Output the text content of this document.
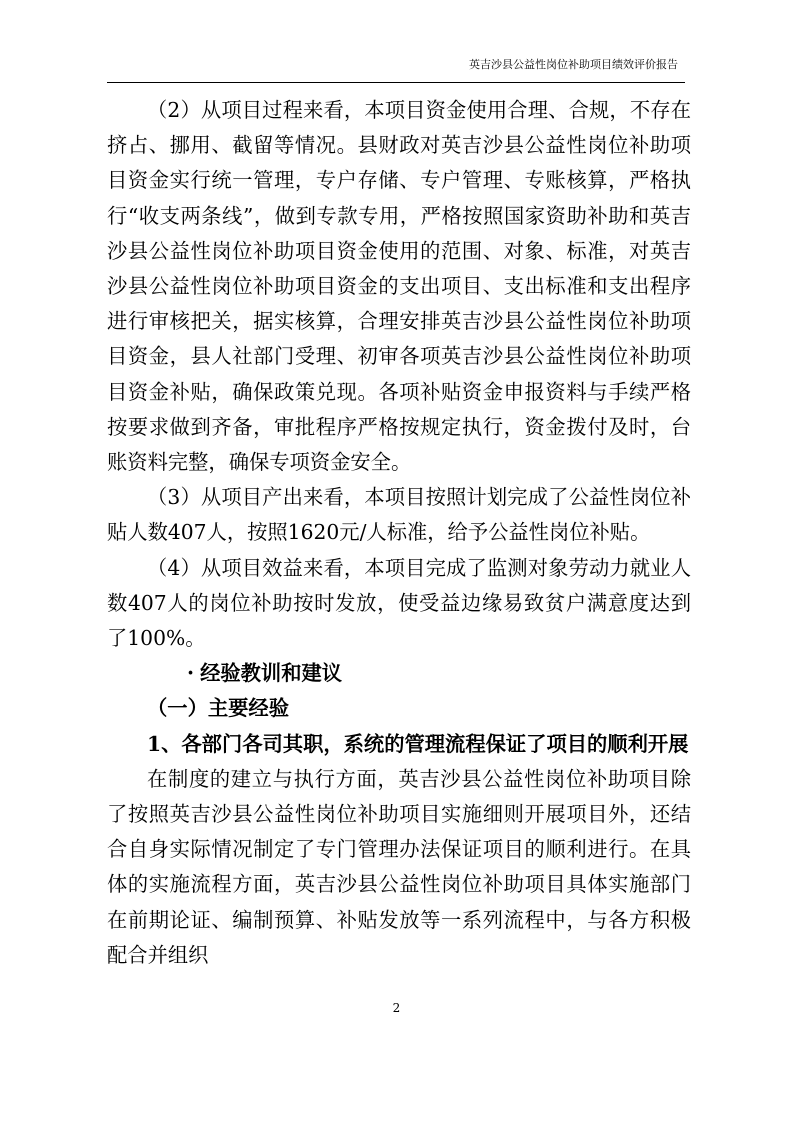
英吉沙县公益性岗位补助项目绩效评价报告

（2）从项目过程来看，本项目资金使用合理、合规，不存在挤占、挪用、截留等情况。县财政对英吉沙县公益性岗位补助项目资金实行统一管理，专户存储、专户管理、专账核算，严格执行“收支两条线”，做到专款专用，严格按照国家资助补助和英吉沙县公益性岗位补助项目资金使用的范围、对象、标准，对英吉沙县公益性岗位补助项目资金的支出项目、支出标准和支出程序进行审核把关，据实核算，合理安排英吉沙县公益性岗位补助项目资金，县人社部门受理、初审各项英吉沙县公益性岗位补助项目资金补贴，确保政策兑现。各项补贴资金申报资料与手续严格按要求做到齐备，审批程序严格按规定执行，资金拨付及时，台账资料完整，确保专项资金安全。

（3）从项目产出来看，本项目按照计划完成了公益性岗位补贴人数407人，按照1620元/人标准，给予公益性岗位补贴。

（4）从项目效益来看，本项目完成了监测对象劳动力就业人数407人的岗位补助按时发放，使受益边缘易致贫户满意度达到了100%。

· 经验教训和建议

（一）主要经验

1、各部门各司其职，系统的管理流程保证了项目的顺利开展

在制度的建立与执行方面，英吉沙县公益性岗位补助项目除了按照英吉沙县公益性岗位补助项目实施细则开展项目外，还结合自身实际情况制定了专门管理办法保证项目的顺利进行。在具体的实施流程方面，英吉沙县公益性岗位补助项目具体实施部门在前期论证、编制预算、补贴发放等一系列流程中，与各方积极配合并组织

2
